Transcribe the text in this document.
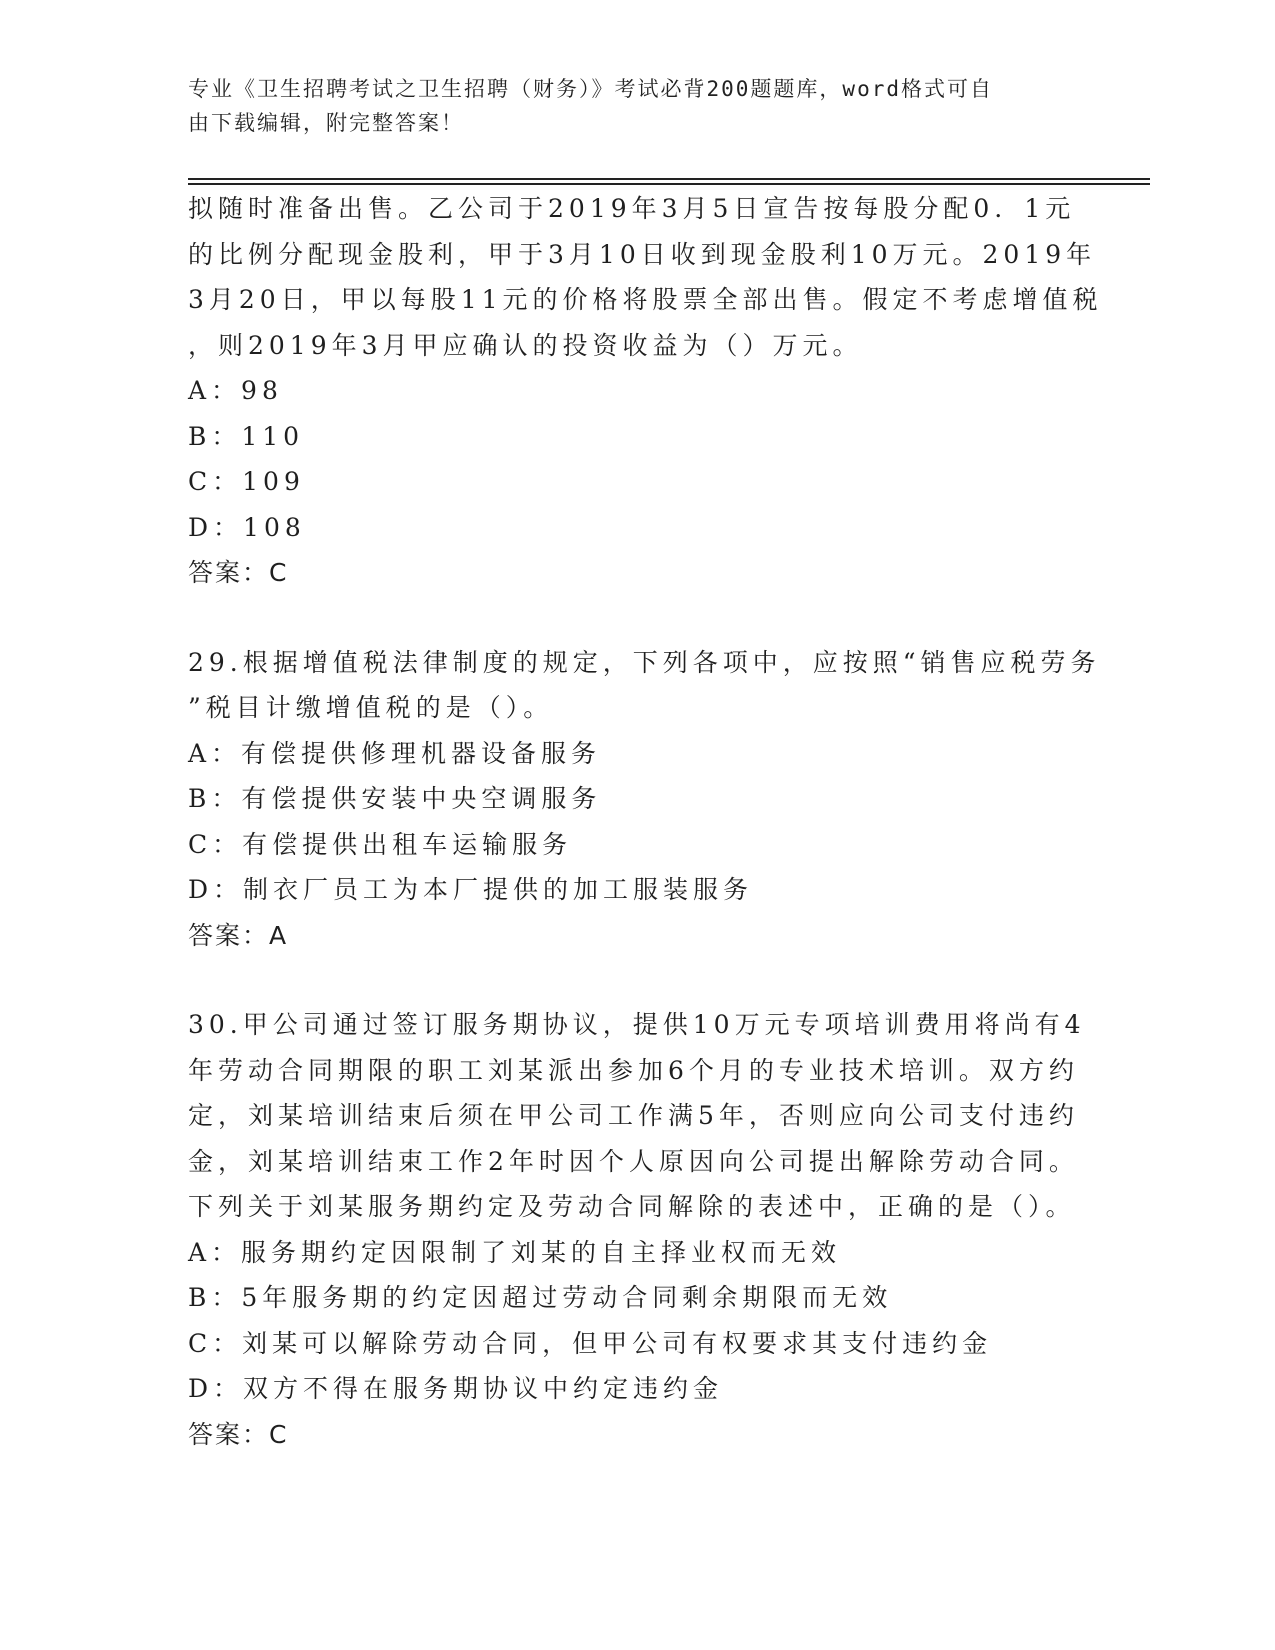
专业《卫生招聘考试之卫生招聘（财务）》考试必背200题题库，word格式可自
由下载编辑，附完整答案！
拟随时准备出售。乙公司于2019年3月5日宣告按每股分配0．1元
的比例分配现金股利，甲于3月10日收到现金股利10万元。2019年
3月20日，甲以每股11元的价格将股票全部出售。假定不考虑增值税
，则2019年3月甲应确认的投资收益为（）万元。
A：98
B：110
C：109
D：108
答案：C
29.根据增值税法律制度的规定，下列各项中，应按照“销售应税劳务
”税目计缴增值税的是（）。
A：有偿提供修理机器设备服务
B：有偿提供安装中央空调服务
C：有偿提供出租车运输服务
D：制衣厂员工为本厂提供的加工服装服务
答案：A
30.甲公司通过签订服务期协议，提供10万元专项培训费用将尚有4
年劳动合同期限的职工刘某派出参加6个月的专业技术培训。双方约
定，刘某培训结束后须在甲公司工作满5年，否则应向公司支付违约
金，刘某培训结束工作2年时因个人原因向公司提出解除劳动合同。
下列关于刘某服务期约定及劳动合同解除的表述中，正确的是（）。
A：服务期约定因限制了刘某的自主择业权而无效
B：5年服务期的约定因超过劳动合同剩余期限而无效
C：刘某可以解除劳动合同，但甲公司有权要求其支付违约金
D：双方不得在服务期协议中约定违约金
答案：C
